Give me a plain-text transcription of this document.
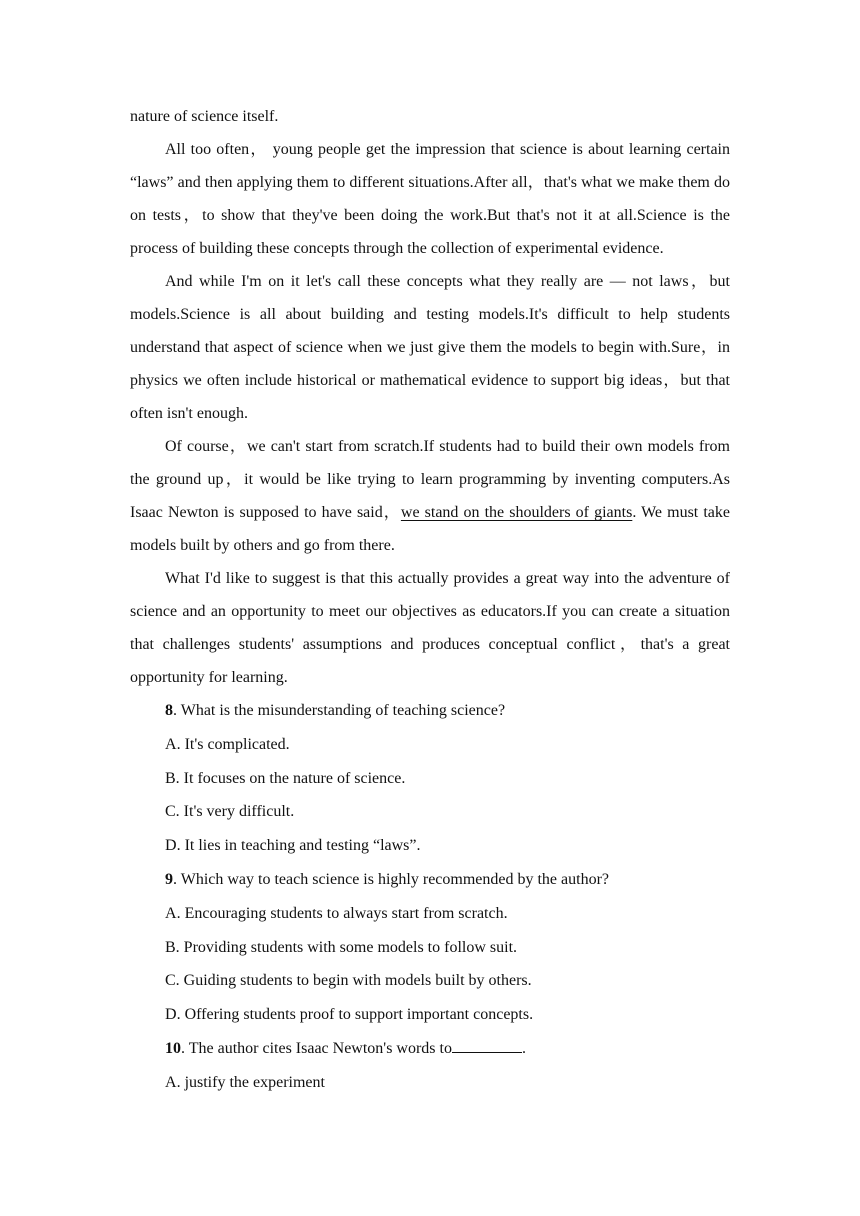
nature of science itself.

All too often， young people get the impression that science is about learning certain “laws” and then applying them to different situations.After all，that's what we make them do on tests，to show that they've been doing the work.But that's not it at all.Science is the process of building these concepts through the collection of experimental evidence.

And while I'm on it let's call these concepts what they really are — not laws，but models.Science is all about building and testing models.It's difficult to help students understand that aspect of science when we just give them the models to begin with.Sure，in physics we often include historical or mathematical evidence to support big ideas，but that often isn't enough.

Of course，we can't start from scratch.If students had to build their own models from the ground up，it would be like trying to learn programming by inventing computers.As Isaac Newton is supposed to have said，we stand on the shoulders of giants. We must take models built by others and go from there.

What I'd like to suggest is that this actually provides a great way into the adventure of science and an opportunity to meet our objectives as educators.If you can create a situation that challenges students' assumptions and produces conceptual conflict，that's a great opportunity for learning.

8. What is the misunderstanding of teaching science?
A. It's complicated.
B. It focuses on the nature of science.
C. It's very difficult.
D. It lies in teaching and testing “laws”.
9. Which way to teach science is highly recommended by the author?
A. Encouraging students to always start from scratch.
B. Providing students with some models to follow suit.
C. Guiding students to begin with models built by others.
D. Offering students proof to support important concepts.
10. The author cites Isaac Newton's words to	.
A. justify the experiment
